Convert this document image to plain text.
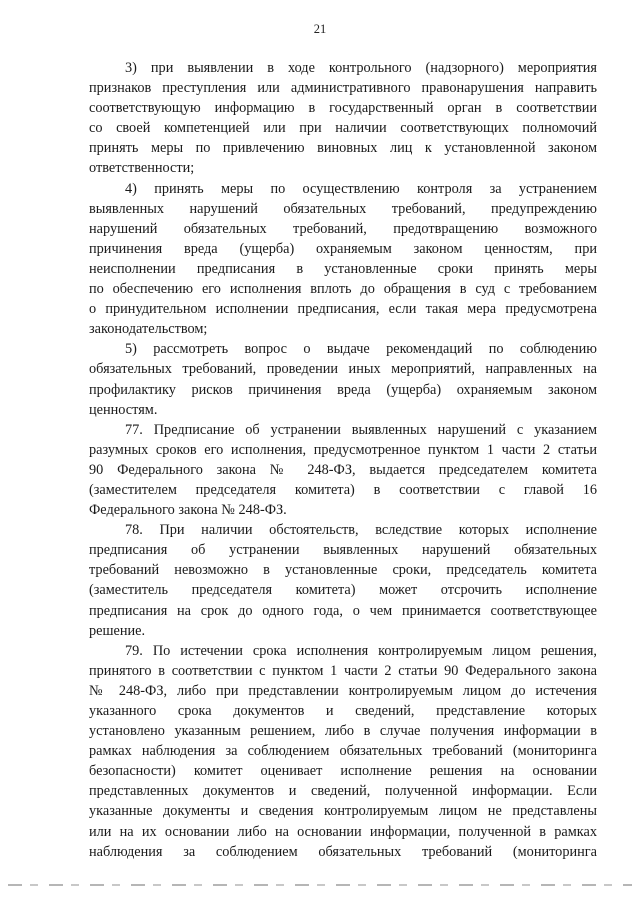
21
3) при выявлении в ходе контрольного (надзорного) мероприятия
признаков преступления или административного правонарушения направить
соответствующую информацию в государственный орган в соответствии
со своей компетенцией или при наличии соответствующих полномочий
принять меры по привлечению виновных лиц к установленной законом
ответственности;
4) принять меры по осуществлению контроля за устранением
выявленных нарушений обязательных требований, предупреждению
нарушений обязательных требований, предотвращению возможного
причинения вреда (ущерба) охраняемым законом ценностям, при
неисполнении предписания в установленные сроки принять меры
по обеспечению его исполнения вплоть до обращения в суд с требованием
о принудительном исполнении предписания, если такая мера предусмотрена
законодательством;
5) рассмотреть вопрос о выдаче рекомендаций по соблюдению
обязательных требований, проведении иных мероприятий, направленных на
профилактику рисков причинения вреда (ущерба) охраняемым законом
ценностям.
77. Предписание об устранении выявленных нарушений с указанием
разумных сроков его исполнения, предусмотренное пунктом 1 части 2 статьи
90 Федерального закона № 248-ФЗ, выдается председателем комитета
(заместителем председателя комитета) в соответствии с главой 16
Федерального закона № 248-ФЗ.
78. При наличии обстоятельств, вследствие которых исполнение
предписания об устранении выявленных нарушений обязательных
требований невозможно в установленные сроки, председатель комитета
(заместитель председателя комитета) может отсрочить исполнение
предписания на срок до одного года, о чем принимается соответствующее
решение.
79. По истечении срока исполнения контролируемым лицом решения,
принятого в соответствии с пунктом 1 части 2 статьи 90 Федерального закона
№ 248-ФЗ, либо при представлении контролируемым лицом до истечения
указанного срока документов и сведений, представление которых
установлено указанным решением, либо в случае получения информации в
рамках наблюдения за соблюдением обязательных требований (мониторинга
безопасности) комитет оценивает исполнение решения на основании
представленных документов и сведений, полученной информации. Если
указанные документы и сведения контролируемым лицом не представлены
или на их основании либо на основании информации, полученной в рамках
наблюдения за соблюдением обязательных требований (мониторинга
